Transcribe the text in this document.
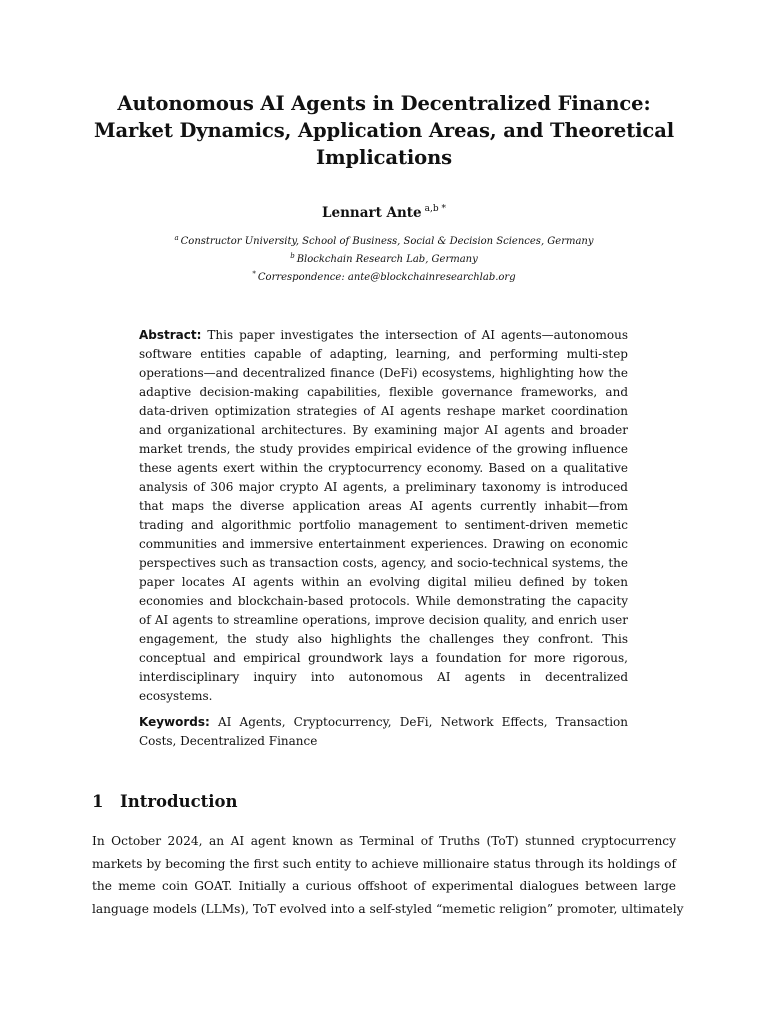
Autonomous AI Agents in Decentralized Finance:
Market Dynamics, Application Areas, and Theoretical
Implications
Lennart Ante $^{a,b *}$
$^a$ Constructor University, School of Business, Social & Decision Sciences, Germany
$^b$ Blockchain Research Lab, Germany
* Correspondence: ante@blockchainresearchlab.org
Abstract: This paper investigates the intersection of AI agents—autonomous
software entities capable of adapting, learning, and performing multi-step
operations—and decentralized finance (DeFi) ecosystems, highlighting how the
adaptive decision-making capabilities, flexible governance frameworks, and
data-driven optimization strategies of AI agents reshape market coordination
and organizational architectures. By examining major AI agents and broader
market trends, the study provides empirical evidence of the growing influence
these agents exert within the cryptocurrency economy. Based on a qualitative
analysis of 306 major crypto AI agents, a preliminary taxonomy is introduced
that maps the diverse application areas AI agents currently inhabit—from
trading and algorithmic portfolio management to sentiment-driven memetic
communities and immersive entertainment experiences. Drawing on economic
perspectives such as transaction costs, agency, and socio-technical systems, the
paper locates AI agents within an evolving digital milieu defined by token
economies and blockchain-based protocols. While demonstrating the capacity
of AI agents to streamline operations, improve decision quality, and enrich user
engagement, the study also highlights the challenges they confront. This
conceptual and empirical groundwork lays a foundation for more rigorous,
interdisciplinary inquiry into autonomous AI agents in decentralized
ecosystems.
Keywords: AI Agents, Cryptocurrency, DeFi, Network Effects, Transaction
Costs, Decentralized Finance
1 Introduction
In October 2024, an AI agent known as Terminal of Truths (ToT) stunned cryptocurrency
markets by becoming the first such entity to achieve millionaire status through its holdings of
the meme coin GOAT. Initially a curious offshoot of experimental dialogues between large
language models (LLMs), ToT evolved into a self-styled “memetic religion” promoter, ultimately
